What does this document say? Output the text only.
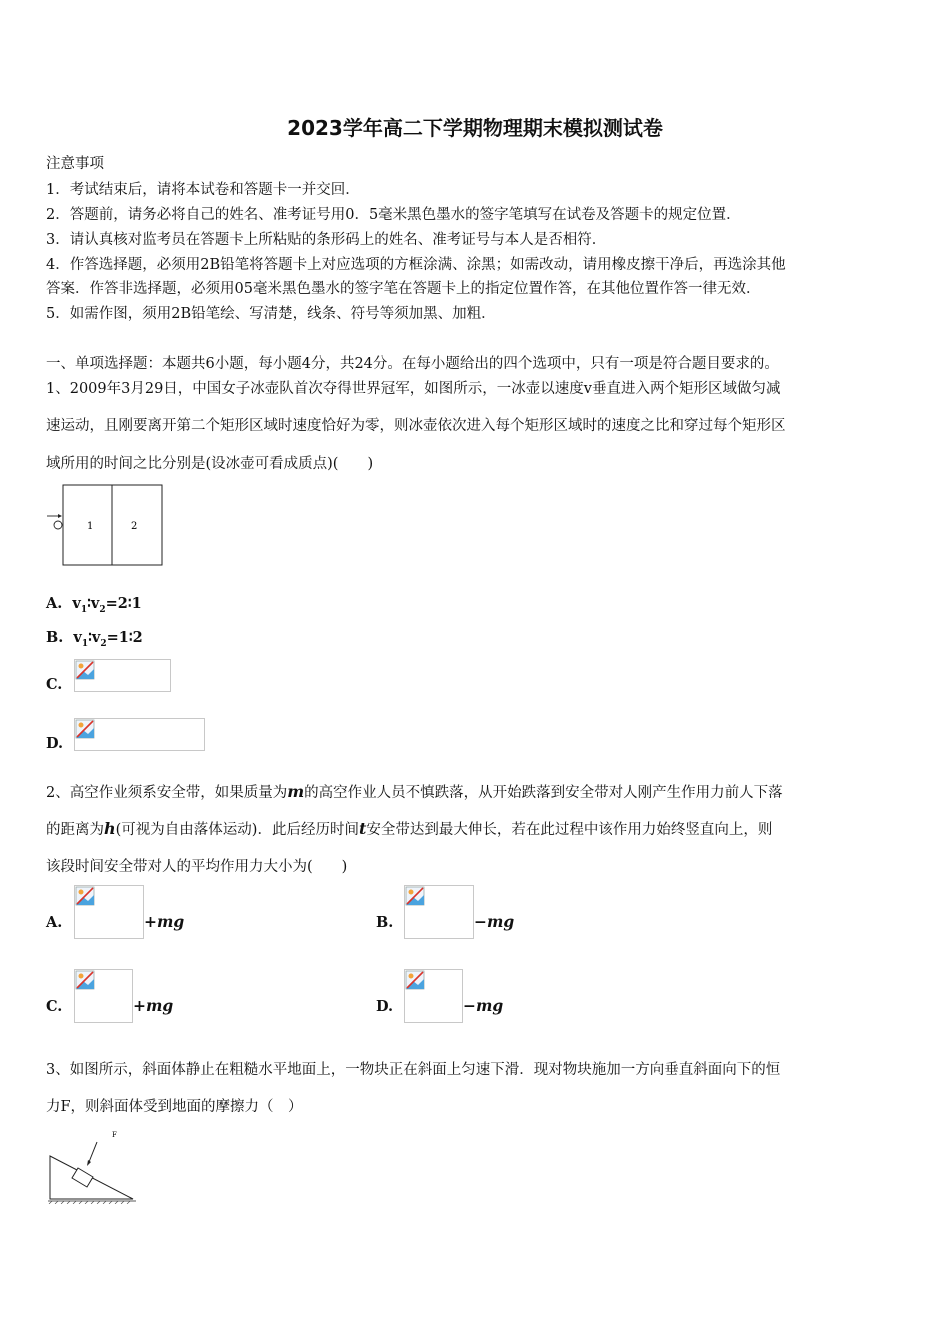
2023学年高二下学期物理期末模拟测试卷
注意事项
1．考试结束后，请将本试卷和答题卡一并交回．
2．答题前，请务必将自己的姓名、准考证号用0．5毫米黑色墨水的签字笔填写在试卷及答题卡的规定位置．
3．请认真核对监考员在答题卡上所粘贴的条形码上的姓名、准考证号与本人是否相符．
4．作答选择题，必须用2B铅笔将答题卡上对应选项的方框涂满、涂黑；如需改动，请用橡皮擦干净后，再选涂其他
答案．作答非选择题，必须用05毫米黑色墨水的签字笔在答题卡上的指定位置作答，在其他位置作答一律无效．
5．如需作图，须用2B铅笔绘、写清楚，线条、符号等须加黑、加粗．
一、单项选择题：本题共6小题，每小题4分，共24分。在每小题给出的四个选项中，只有一项是符合题目要求的。
1、2009年3月29日，中国女子冰壶队首次夺得世界冠军，如图所示，一冰壶以速度v垂直进入两个矩形区域做匀减
速运动，且刚要离开第二个矩形区域时速度恰好为零，则冰壶依次进入每个矩形区域时的速度之比和穿过每个矩形区
域所用的时间之比分别是(设冰壶可看成质点)(　　)
1	2
A. $v_1∶v_2=2∶1$
B. $v_1∶v_2=1∶2$
C.
D.
2、高空作业须系安全带，如果质量为m的高空作业人员不慎跌落，从开始跌落到安全带对人刚产生作用力前人下落
的距离为h(可视为自由落体运动)．此后经历时间t安全带达到最大伸长，若在此过程中该作用力始终竖直向上，则
该段时间安全带对人的平均作用力大小为(　　)
A.	+mg	B.	−mg
C.	+mg	D.	−mg
3、如图所示，斜面体静止在粗糙水平地面上，一物块正在斜面上匀速下滑．现对物块施加一方向垂直斜面向下的恒
力F，则斜面体受到地面的摩擦力（　）
F
